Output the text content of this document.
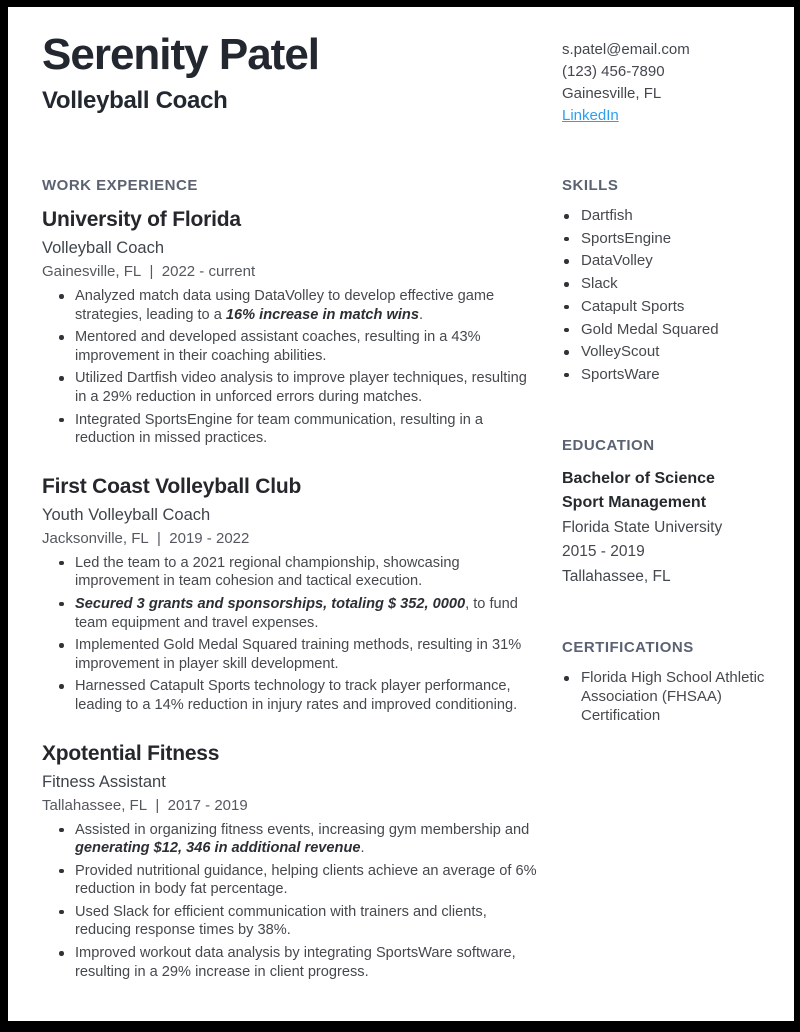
Serenity Patel
Volleyball Coach
s.patel@email.com
(123) 456-7890
Gainesville, FL
LinkedIn
WORK EXPERIENCE
University of Florida
Volleyball Coach
Gainesville, FL  |  2022 - current
Analyzed match data using DataVolley to develop effective game strategies, leading to a 16% increase in match wins.
Mentored and developed assistant coaches, resulting in a 43% improvement in their coaching abilities.
Utilized Dartfish video analysis to improve player techniques, resulting in a 29% reduction in unforced errors during matches.
Integrated SportsEngine for team communication, resulting in a reduction in missed practices.
First Coast Volleyball Club
Youth Volleyball Coach
Jacksonville, FL  |  2019 - 2022
Led the team to a 2021 regional championship, showcasing improvement in team cohesion and tactical execution.
Secured 3 grants and sponsorships, totaling $ 352, 0000, to fund team equipment and travel expenses.
Implemented Gold Medal Squared training methods, resulting in 31% improvement in player skill development.
Harnessed Catapult Sports technology to track player performance, leading to a 14% reduction in injury rates and improved conditioning.
Xpotential Fitness
Fitness Assistant
Tallahassee, FL  |  2017 - 2019
Assisted in organizing fitness events, increasing gym membership and generating $12, 346 in additional revenue.
Provided nutritional guidance, helping clients achieve an average of 6% reduction in body fat percentage.
Used Slack for efficient communication with trainers and clients, reducing response times by 38%.
Improved workout data analysis by integrating SportsWare software, resulting in a 29% increase in client progress.
SKILLS
Dartfish
SportsEngine
DataVolley
Slack
Catapult Sports
Gold Medal Squared
VolleyScout
SportsWare
EDUCATION
Bachelor of Science
Sport Management
Florida State University
2015 - 2019
Tallahassee, FL
CERTIFICATIONS
Florida High School Athletic Association (FHSAA) Certification
